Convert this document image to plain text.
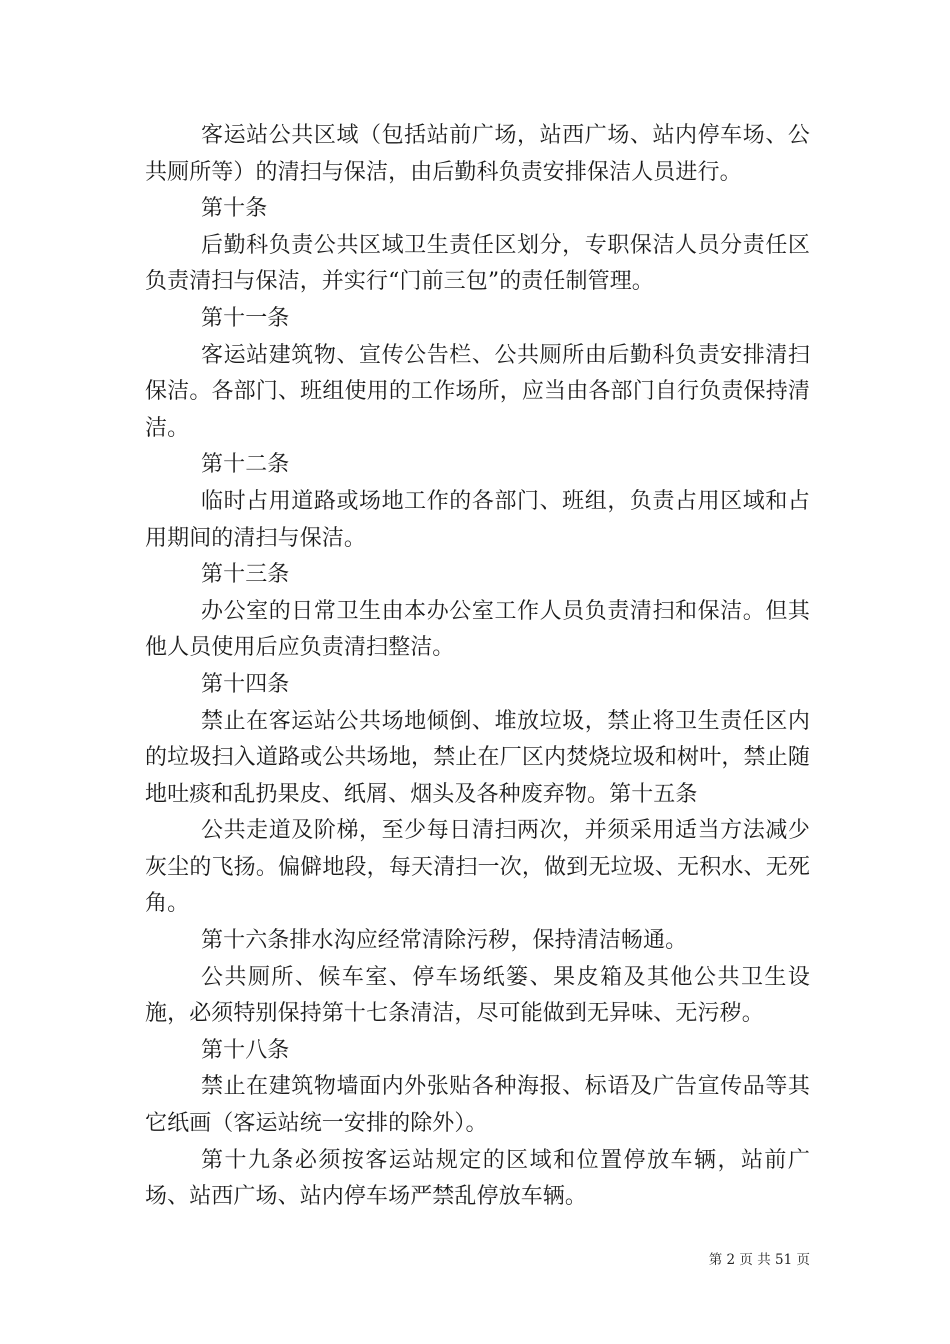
客运站公共区域（包括站前广场，站西广场、站内停车场、公共厕所等）的清扫与保洁，由后勤科负责安排保洁人员进行。

第十条

后勤科负责公共区域卫生责任区划分，专职保洁人员分责任区负责清扫与保洁，并实行“门前三包”的责任制管理。

第十一条

客运站建筑物、宣传公告栏、公共厕所由后勤科负责安排清扫保洁。各部门、班组使用的工作场所，应当由各部门自行负责保持清洁。

第十二条

临时占用道路或场地工作的各部门、班组，负责占用区域和占用期间的清扫与保洁。

第十三条

办公室的日常卫生由本办公室工作人员负责清扫和保洁。但其他人员使用后应负责清扫整洁。

第十四条

禁止在客运站公共场地倾倒、堆放垃圾，禁止将卫生责任区内的垃圾扫入道路或公共场地，禁止在厂区内焚烧垃圾和树叶，禁止随地吐痰和乱扔果皮、纸屑、烟头及各种废弃物。第十五条

公共走道及阶梯，至少每日清扫两次，并须采用适当方法减少灰尘的飞扬。偏僻地段，每天清扫一次，做到无垃圾、无积水、无死角。

第十六条排水沟应经常清除污秽，保持清洁畅通。

公共厕所、候车室、停车场纸篓、果皮箱及其他公共卫生设施，必须特别保持第十七条清洁，尽可能做到无异味、无污秽。

第十八条

禁止在建筑物墙面内外张贴各种海报、标语及广告宣传品等其它纸画（客运站统一安排的除外）。

第十九条必须按客运站规定的区域和位置停放车辆，站前广场、站西广场、站内停车场严禁乱停放车辆。

第 2 页 共 51 页
